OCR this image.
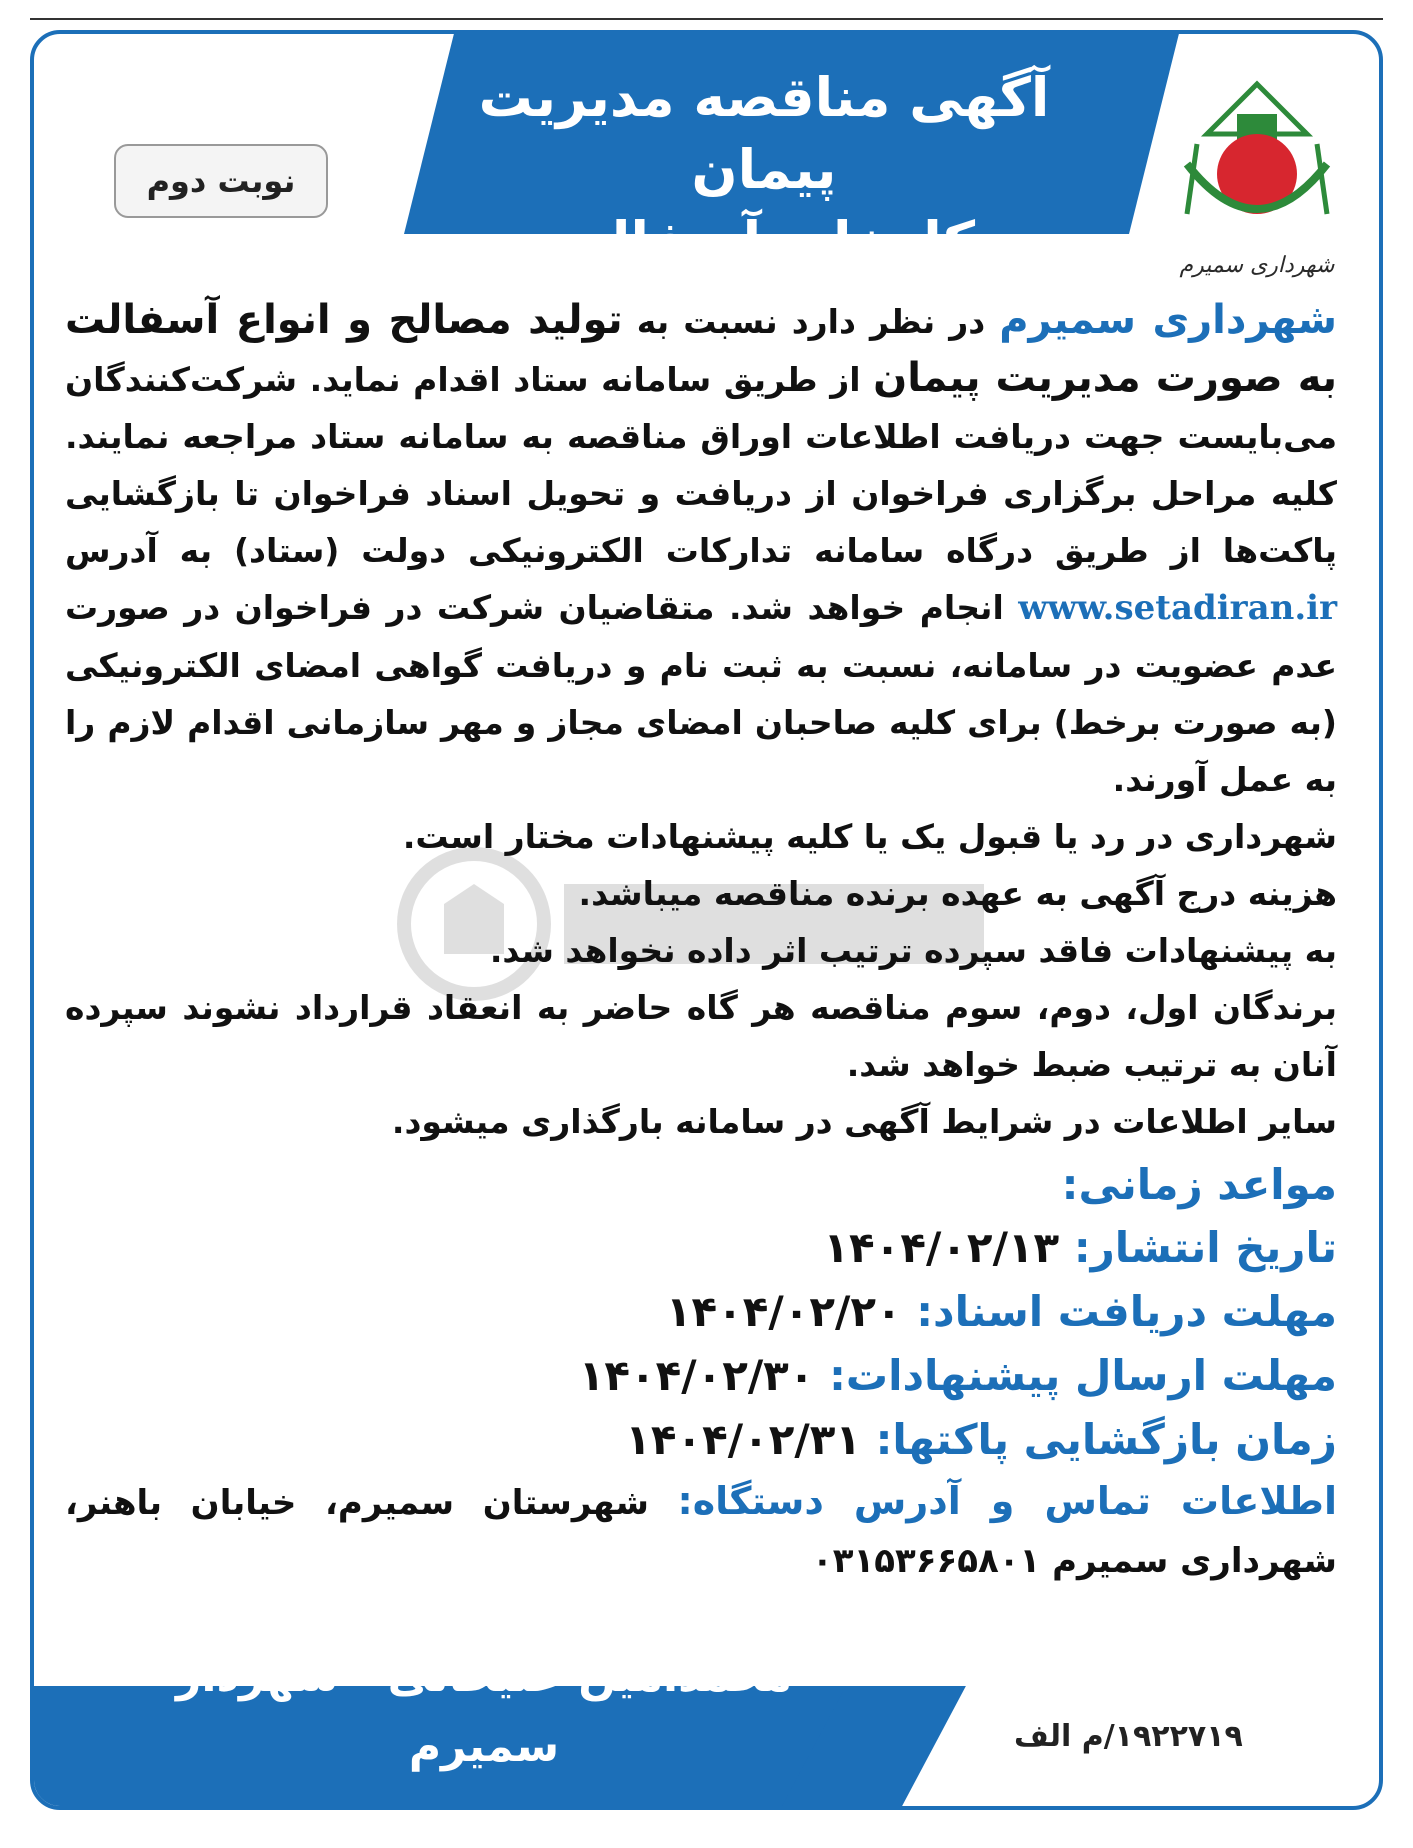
آگهی مناقصه مدیریت پیمان
کارخانه آسفالت	شهرداری سمیرم
نوبت دوم

شهرداری سمیرم در نظر دارد نسبت به تولید مصالح و انواع آسفالت به صورت مدیریت پیمان از طریق سامانه ستاد اقدام نماید. شرکت‌کنندگان می‌بایست جهت دریافت اطلاعات اوراق مناقصه به سامانه ستاد مراجعه نمایند. کلیه مراحل برگزاری فراخوان از دریافت و تحویل اسناد فراخوان تا بازگشایی پاکت‌ها از طریق درگاه سامانه تدارکات الکترونیکی دولت (ستاد) به آدرس www.setadiran.ir انجام خواهد شد. متقاضیان شرکت در فراخوان در صورت عدم عضویت در سامانه، نسبت به ثبت نام و دریافت گواهی امضای الکترونیکی (به صورت برخط) برای کلیه صاحبان امضای مجاز و مهر سازمانی اقدام لازم را به عمل آورند.

شهرداری در رد یا قبول یک یا کلیه پیشنهادات مختار است.

هزینه درج آگهی به عهده برنده مناقصه میباشد.

به پیشنهادات فاقد سپرده ترتیب اثر داده نخواهد شد.

برندگان اول، دوم، سوم مناقصه هر گاه حاضر به انعقاد قرارداد نشوند سپرده آنان به ترتیب ضبط خواهد شد.

سایر اطلاعات در شرایط آگهی در سامانه بارگذاری میشود.

مواعد زمانی:
تاریخ انتشار: ۱۴۰۴/۰۲/۱۳
مهلت دریافت اسناد: ۱۴۰۴/۰۲/۲۰
مهلت ارسال پیشنهادات: ۱۴۰۴/۰۲/۳۰
زمان بازگشایی پاکتها: ۱۴۰۴/۰۲/۳۱
اطلاعات تماس و آدرس دستگاه: شهرستان سمیرم، خیابان باهنر، شهرداری سمیرم ۰۳۱۵۳۶۶۵۸۰۱
محمدامین علیخانی - شهردار سمیرم	۱۹۲۲۷۱۹/م الف
